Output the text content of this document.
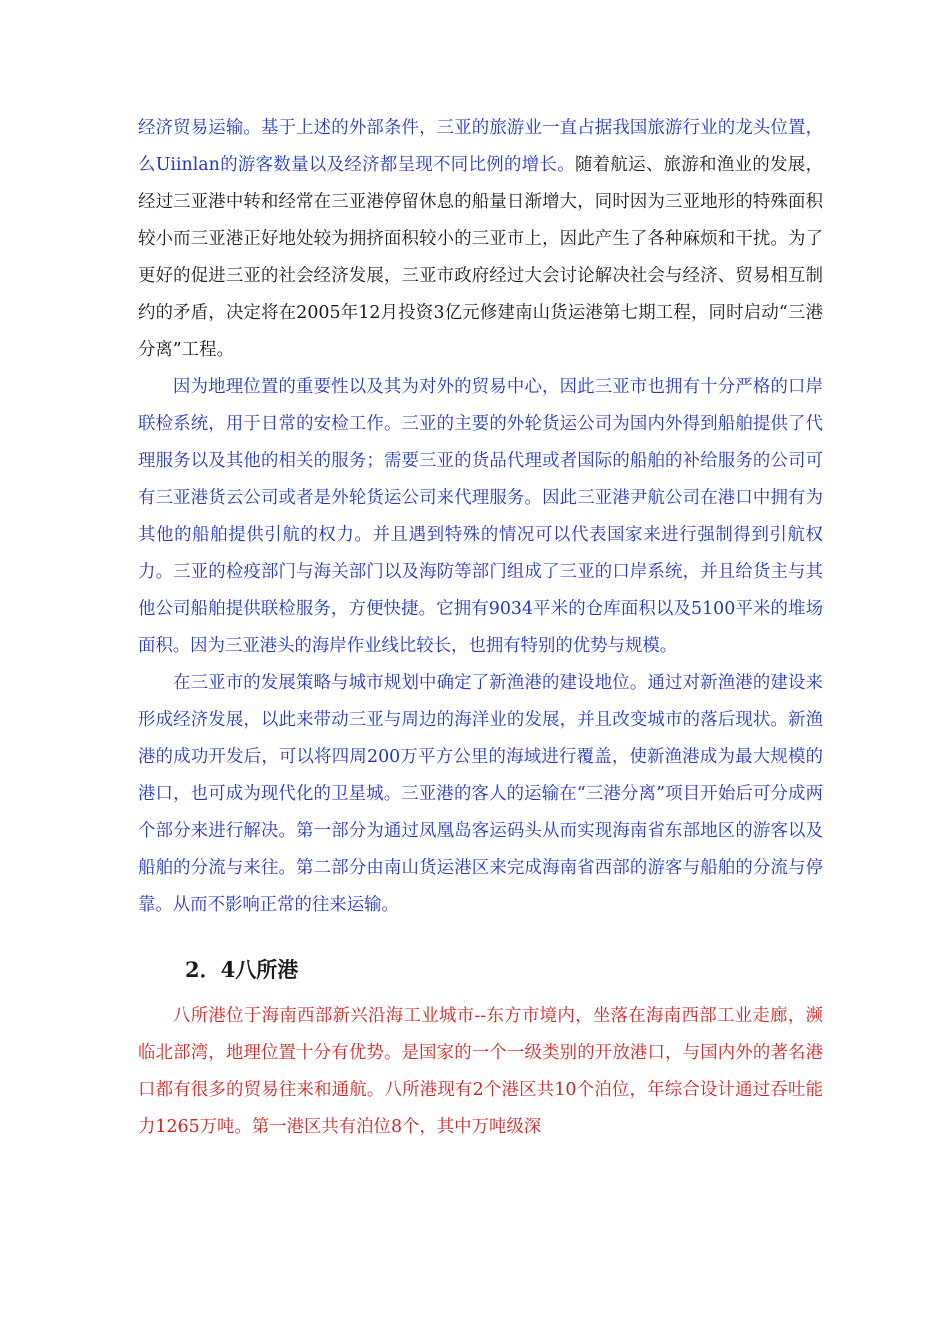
经济贸易运输。基于上述的外部条件，三亚的旅游业一直占据我国旅游行业的龙头位置，么Uiinlan的游客数量以及经济都呈现不同比例的增长。随着航运、旅游和渔业的发展，经过三亚港中转和经常在三亚港停留休息的船量日渐增大，同时因为三亚地形的特殊面积较小而三亚港正好地处较为拥挤面积较小的三亚市上，因此产生了各种麻烦和干扰。为了更好的促进三亚的社会经济发展，三亚市政府经过大会讨论解决社会与经济、贸易相互制约的矛盾，决定将在2005年12月投资3亿元修建南山货运港第七期工程，同时启动“三港分离”工程。

因为地理位置的重要性以及其为对外的贸易中心，因此三亚市也拥有十分严格的口岸联检系统，用于日常的安检工作。三亚的主要的外轮货运公司为国内外得到船舶提供了代理服务以及其他的相关的服务；需要三亚的货品代理或者国际的船舶的补给服务的公司可有三亚港货云公司或者是外轮货运公司来代理服务。因此三亚港尹航公司在港口中拥有为其他的船舶提供引航的权力。并且遇到特殊的情况可以代表国家来进行强制得到引航权力。三亚的检疫部门与海关部门以及海防等部门组成了三亚的口岸系统，并且给货主与其他公司船舶提供联检服务，方便快捷。它拥有9034平米的仓库面积以及5100平米的堆场面积。因为三亚港头的海岸作业线比较长，也拥有特别的优势与规模。

在三亚市的发展策略与城市规划中确定了新渔港的建设地位。通过对新渔港的建设来形成经济发展，以此来带动三亚与周边的海洋业的发展，并且改变城市的落后现状。新渔港的成功开发后，可以将四周200万平方公里的海域进行覆盖，使新渔港成为最大规模的港口，也可成为现代化的卫星城。三亚港的客人的运输在“三港分离”项目开始后可分成两个部分来进行解决。第一部分为通过凤凰岛客运码头从而实现海南省东部地区的游客以及船舶的分流与来往。第二部分由南山货运港区来完成海南省西部的游客与船舶的分流与停靠。从而不影响正常的往来运输。

2．4八所港

八所港位于海南西部新兴沿海工业城市--东方市境内，坐落在海南西部工业走廊，濒临北部湾，地理位置十分有优势。是国家的一个一级类别的开放港口，与国内外的著名港口都有很多的贸易往来和通航。八所港现有2个港区共10个泊位，年综合设计通过吞吐能力1265万吨。第一港区共有泊位8个，其中万吨级深
